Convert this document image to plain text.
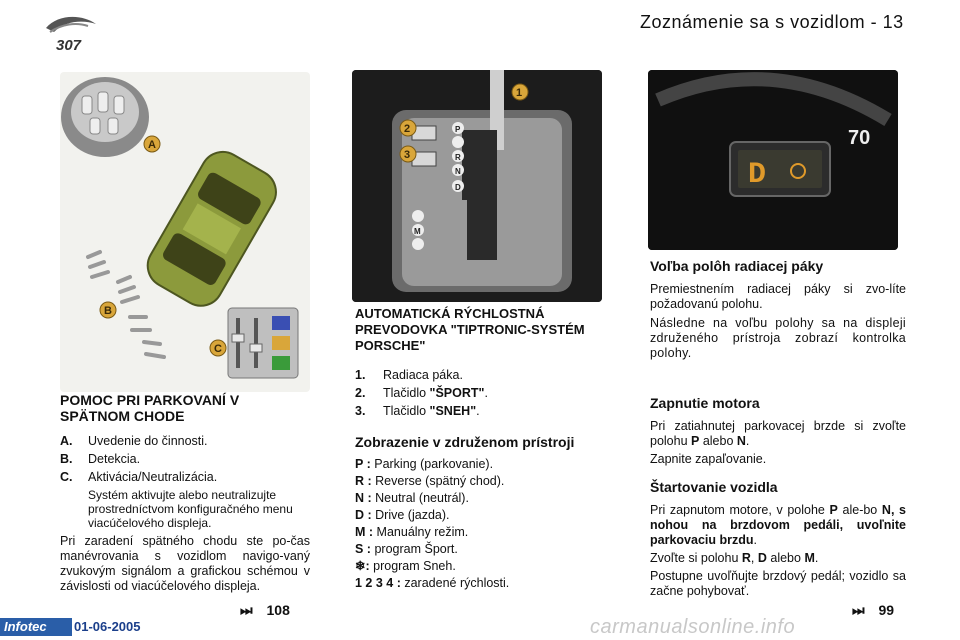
307
Zoznámenie sa s vozidlom - 13
A
B
C
P
R
N
D
M
1
2
3
70
D
POMOC PRI PARKOVANÍ V SPÄTNOM CHODE
A.	Uvedenie do činnosti.
B.	Detekcia.
C.	Aktivácia/Neutralizácia.
Systém aktivujte alebo neutralizujte prostredníctvom konfiguračného menu viacúčelového displeja.
Pri zaradení spätného chodu ste po-čas manévrovania s vozidlom navigo-vaný zvukovým signálom a grafickou schémou v závislosti od viacúčelového displeja.
⏭ 108
AUTOMATICKÁ RÝCHLOSTNÁ PREVODOVKA "TIPTRONIC-SYSTÉM PORSCHE"
1.	Radiaca páka.
2.	Tlačidlo "ŠPORT".
3.	Tlačidlo "SNEH".
Zobrazenie v združenom prístroji
P : Parking (parkovanie).
R : Reverse (spätný chod).
N : Neutral (neutrál).
D : Drive (jazda).
M : Manuálny režim.
S : program Šport.
❄: program Sneh.
1 2 3 4 : zaradené rýchlosti.
Voľba polôh radiacej páky
Premiestnením radiacej páky si zvo-líte požadovanú polohu.
Následne na voľbu polohy sa na displeji združeného prístroja zobrazí kontrolka polohy.
Zapnutie motora
Pri zatiahnutej parkovacej brzde si zvoľte polohu P alebo N.
Zapnite zapaľovanie.
Štartovanie vozidla
Pri zapnutom motore, v polohe P ale-bo N, s nohou na brzdovom pedáli, uvoľnite parkovaciu brzdu.
Zvoľte si polohu R, D alebo M.
Postupne uvoľňujte brzdový pedál; vozidlo sa začne pohybovať.
⏭ 99
Infotec	01-06-2005	carmanualsonline.info
